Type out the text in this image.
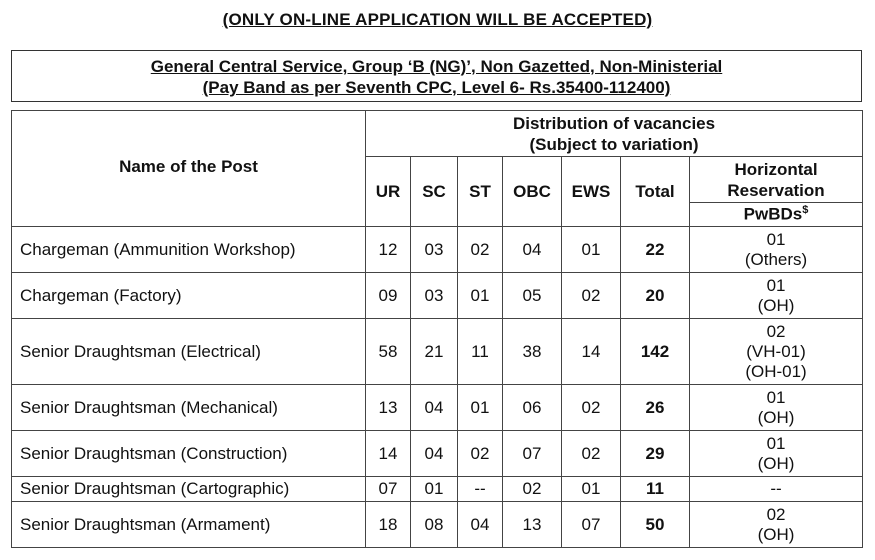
(ONLY ON-LINE APPLICATION WILL BE ACCEPTED)
General Central Service, Group ‘B (NG)’, Non Gazetted, Non-Ministerial
(Pay Band as per Seventh CPC, Level 6- Rs.35400-112400)
Name of the Post	Distribution of vacancies
(Subject to variation)						

	UR	SC	ST	OBC	EWS	Total	Horizontal
Reservation

							PwBDs$
Chargeman (Ammunition Workshop)	12	03	02	04	01	22	01
(Others)

Chargeman (Factory)	09	03	01	05	02	20	01
(OH)

Senior Draughtsman (Electrical)	58	21	11	38	14	142	02
(VH-01)
(OH-01)

Senior Draughtsman (Mechanical)	13	04	01	06	02	26	01
(OH)

Senior Draughtsman (Construction)	14	04	02	07	02	29	01
(OH)

Senior Draughtsman (Cartographic)	07	01	--	02	01	11	--

Senior Draughtsman (Armament)	18	08	04	13	07	50	02
(OH)
